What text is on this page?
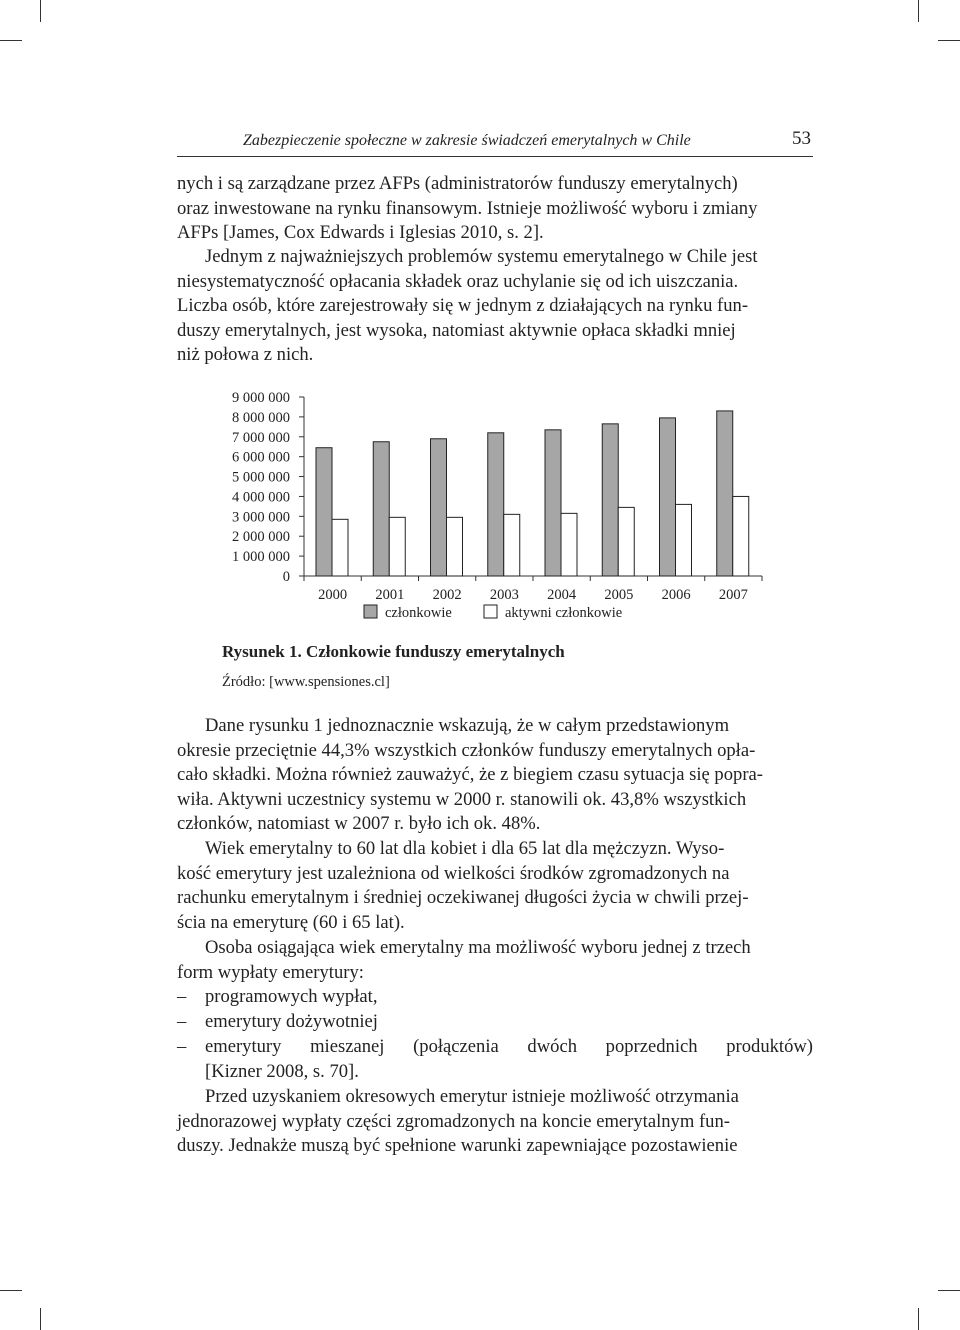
Zabezpieczenie społeczne w zakresie świadczeń emerytalnych w Chile	53

nych i są zarządzane przez AFPs (administratorów funduszy emerytalnych)
oraz inwestowane na rynku finansowym. Istnieje możliwość wyboru i zmiany
AFPs [James, Cox Edwards i Iglesias 2010, s. 2].

Jednym z najważniejszych problemów systemu emerytalnego w Chile jest
niesystematyczność opłacania składek oraz uchylanie się od ich uiszczania.
Liczba osób, które zarejestrowały się w jednym z działających na rynku fun-
duszy emerytalnych, jest wysoka, natomiast aktywnie opłaca składki mniej
niż połowa z nich.

0
1 000 000
2 000 000
3 000 000
4 000 000
5 000 000
6 000 000
7 000 000
8 000 000
9 000 000
2000 2001 2002 2003 2004 2005 2006 2007
członkowie	aktywni członkowie
Rysunek 1. Członkowie funduszy emerytalnych
Źródło: [www.spensiones.cl]

Dane rysunku 1 jednoznacznie wskazują, że w całym przedstawionym
okresie przeciętnie 44,3% wszystkich członków funduszy emerytalnych opła-
cało składki. Można również zauważyć, że z biegiem czasu sytuacja się popra-
wiła. Aktywni uczestnicy systemu w 2000 r. stanowili ok. 43,8% wszystkich
członków, natomiast w 2007 r. było ich ok. 48%.

Wiek emerytalny to 60 lat dla kobiet i dla 65 lat dla mężczyzn. Wyso-
kość emerytury jest uzależniona od wielkości środków zgromadzonych na
rachunku emerytalnym i średniej oczekiwanej długości życia w chwili przej-
ścia na emeryturę (60 i 65 lat).

Osoba osiągająca wiek emerytalny ma możliwość wyboru jednej z trzech
form wypłaty emerytury:

– programowych wypłat,
– emerytury dożywotniej
– emerytury mieszanej (połączenia dwóch poprzednich produktów)
[Kizner 2008, s. 70].

Przed uzyskaniem okresowych emerytur istnieje możliwość otrzymania
jednorazowej wypłaty części zgromadzonych na koncie emerytalnym fun-
duszy. Jednakże muszą być spełnione warunki zapewniające pozostawienie
